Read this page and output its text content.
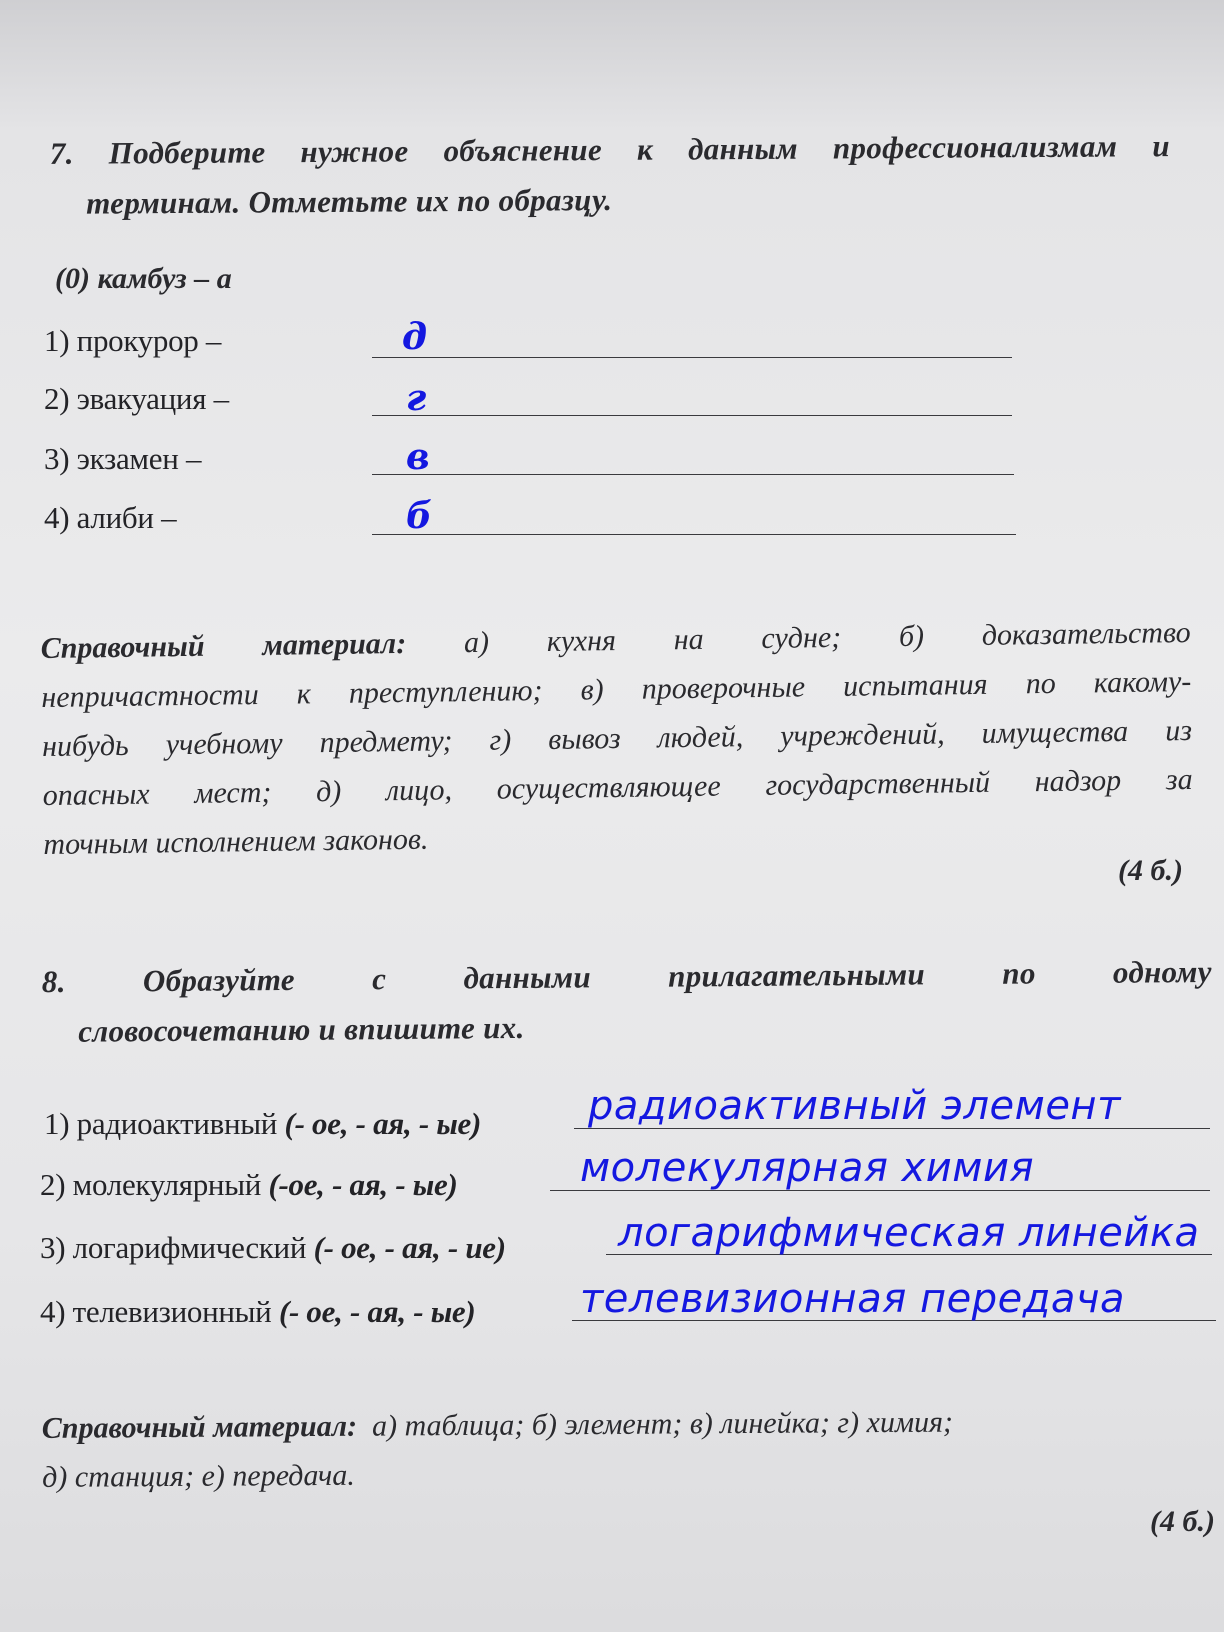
7. Подберите нужное объяснение к данным профессионализмам и
терминам. Отметьте их по образцу.
(0) камбуз – а
1) прокурор –	д
2) эвакуация –	г
3) экзамен –	в
4) алиби –	б
Справочный материал: а) кухня на судне; б) доказательство
непричастности к преступлению; в) проверочные испытания по какому-
нибудь учебному предмету; г) вывоз людей, учреждений, имущества из
опасных мест; д) лицо, осуществляющее государственный надзор за
точным исполнением законов.
(4 б.)
8. Образуйте с данными прилагательными по одному
словосочетанию и впишите их.
1) радиоактивный (- ое, - ая, - ые)	радиоактивный элемент
2) молекулярный (-ое, - ая, - ые)	молекулярная химия
3) логарифмический (- ое, - ая, - ие)	логарифмическая линейка
4) телевизионный (- ое, - ая, - ые)	телевизионная передача
Справочный материал: а) таблица; б) элемент; в) линейка; г) химия;
д) станция; е) передача.
(4 б.)
